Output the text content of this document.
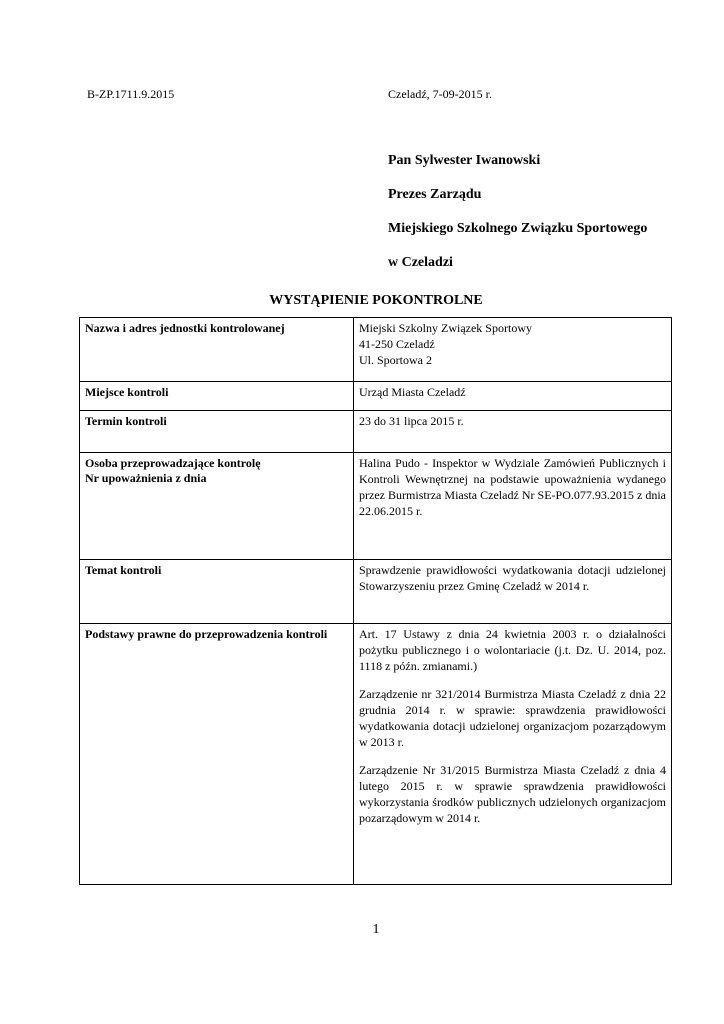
B-ZP.1711.9.2015	Czeladź, 7-09-2015 r.
Pan Sylwester Iwanowski
Prezes Zarządu
Miejskiego Szkolnego Związku Sportowego
w Czeladzi
WYSTĄPIENIE POKONTROLNE
Nazwa i adres jednostki kontrolowanej	Miejski Szkolny Związek Sportowy
41-250 Czeladź
Ul. Sportowa 2

Miejsce kontroli	Urząd Miasta Czeladź
Termin kontroli	23 do 31 lipca 2015 r.

Osoba przeprowadzające kontrolę
Nr upoważnienia z dnia	Halina Pudo - Inspektor w Wydziale Zamówień Publicznych i Kontroli Wewnętrznej na podstawie upoważnienia wydanego przez Burmistrza Miasta Czeladź Nr SE-PO.077.93.2015 z dnia 22.06.2015 r.
Temat kontroli	Sprawdzenie prawidłowości wydatkowania dotacji udzielonej Stowarzyszeniu przez Gminę Czeladź w 2014 r.
Podstawy prawne do przeprowadzenia kontroli	Art. 17 Ustawy z dnia 24 kwietnia 2003 r. o działalności pożytku publicznego i o wolontariacie (j.t. Dz. U. 2014, poz. 1118 z późn. zmianami.)
Zarządzenie nr 321/2014 Burmistrza Miasta Czeladź z dnia 22 grudnia 2014 r. w sprawie: sprawdzenia prawidłowości wydatkowania dotacji udzielonej organizacjom pozarządowym w 2013 r.
Zarządzenie Nr 31/2015 Burmistrza Miasta Czeladź z dnia 4 lutego 2015 r. w sprawie sprawdzenia prawidłowości wykorzystania środków publicznych udzielonych organizacjom pozarządowym w 2014 r.
1
